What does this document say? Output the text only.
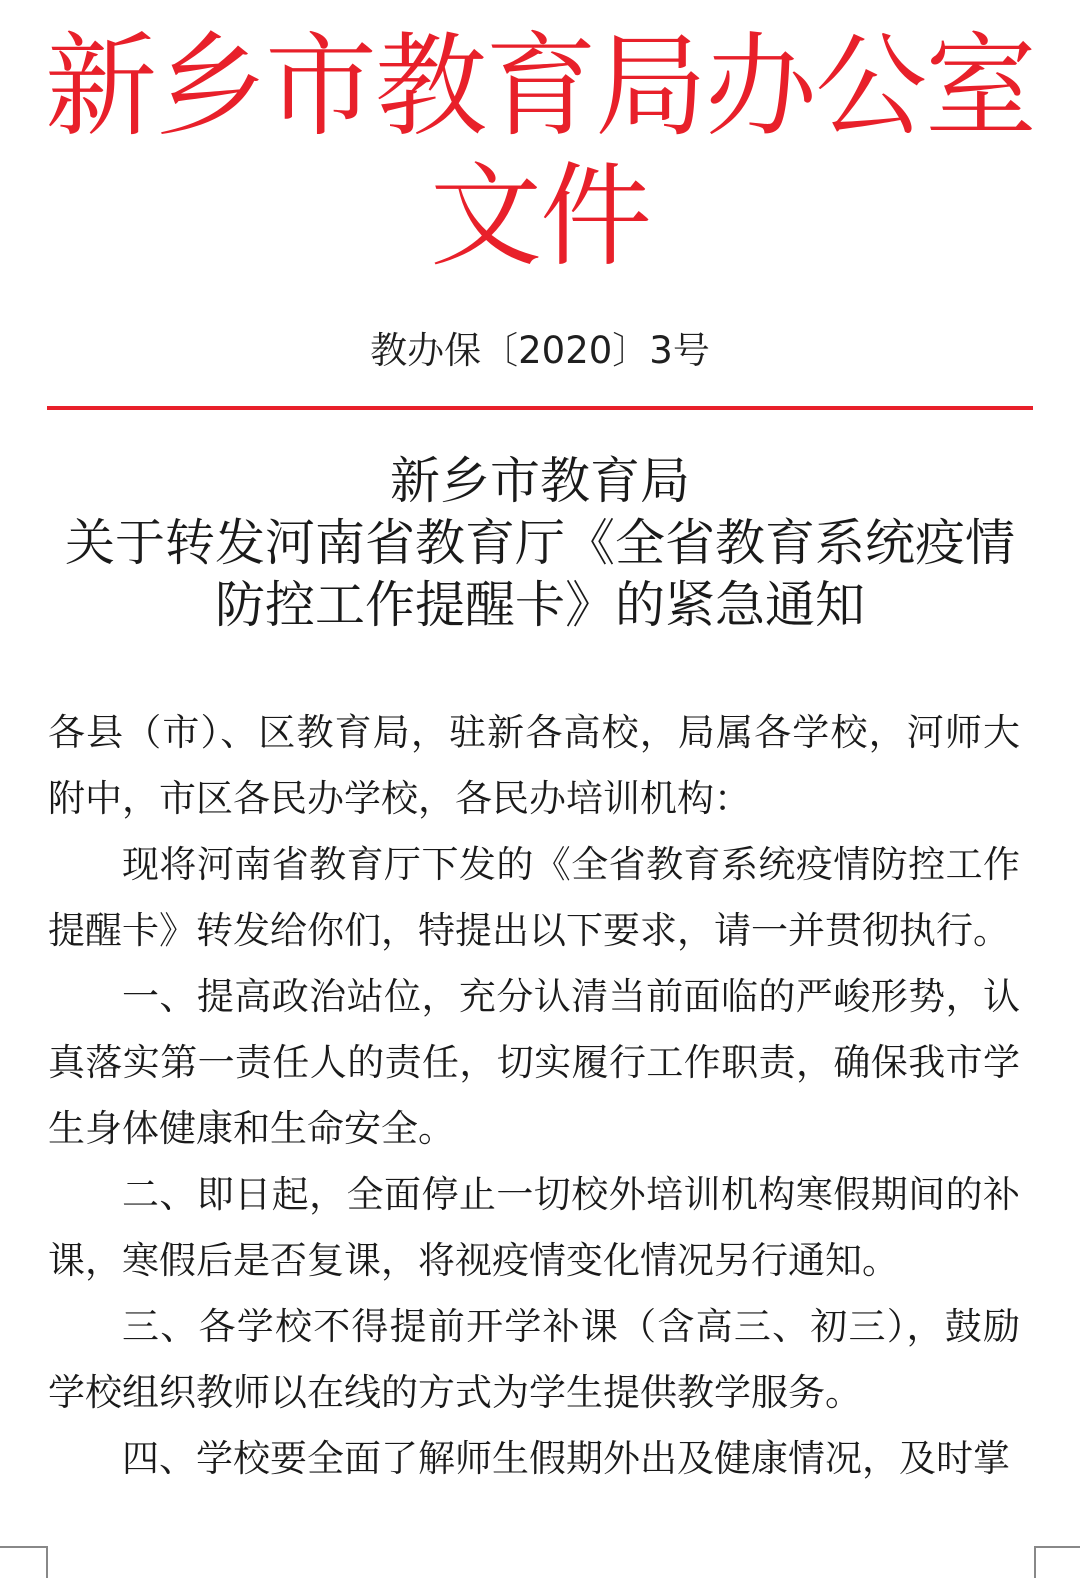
新乡市教育局办公室文件
教办保〔2020〕3号
新乡市教育局
关于转发河南省教育厅《全省教育系统疫情
防控工作提醒卡》的紧急通知

各县（市）、区教育局，驻新各高校，局属各学校，河师大附中，市区各民办学校，各民办培训机构：

现将河南省教育厅下发的《全省教育系统疫情防控工作提醒卡》转发给你们，特提出以下要求，请一并贯彻执行。

一、提高政治站位，充分认清当前面临的严峻形势，认真落实第一责任人的责任，切实履行工作职责，确保我市学生身体健康和生命安全。

二、即日起，全面停止一切校外培训机构寒假期间的补课，寒假后是否复课，将视疫情变化情况另行通知。

三、各学校不得提前开学补课（含高三、初三），鼓励学校组织教师以在线的方式为学生提供教学服务。

四、学校要全面了解师生假期外出及健康情况，及时掌
